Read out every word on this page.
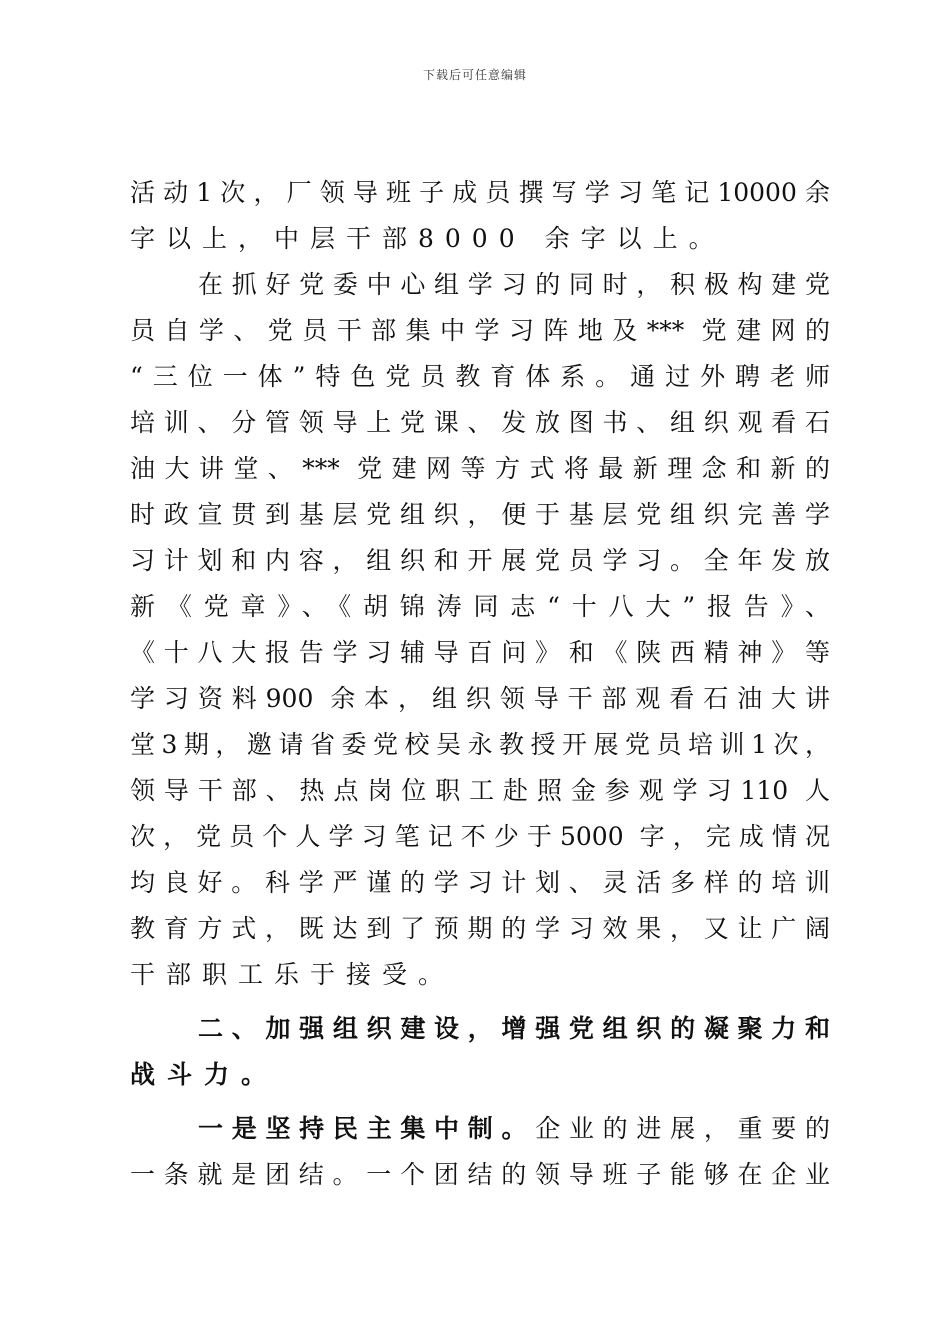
下载后可任意编辑
活动1次，厂领导班子成员撰写学习笔记10000余
字以上，中层干部8000 余字以上。
在抓好党委中心组学习的同时，积极构建党
员自学、党员干部集中学习阵地及*** 党建网的
“三位一体”特色党员教育体系。通过外聘老师
培训、分管领导上党课、发放图书、组织观看石
油大讲堂、*** 党建网等方式将最新理念和新的
时政宣贯到基层党组织，便于基层党组织完善学
习计划和内容，组织和开展党员学习。全年发放
新《党章》、《胡锦涛同志“十八大”报告》、
《十八大报告学习辅导百问》和《陕西精神》等
学习资料900 余本，组织领导干部观看石油大讲
堂3期，邀请省委党校吴永教授开展党员培训1次，
领导干部、热点岗位职工赴照金参观学习110 人
次，党员个人学习笔记不少于5000 字，完成情况
均良好。科学严谨的学习计划、灵活多样的培训
教育方式，既达到了预期的学习效果，又让广阔
干部职工乐于接受。
二、加强组织建设，增强党组织的凝聚力和
战斗力。
一是坚持民主集中制。企业的进展，重要的
一条就是团结。一个团结的领导班子能够在企业
